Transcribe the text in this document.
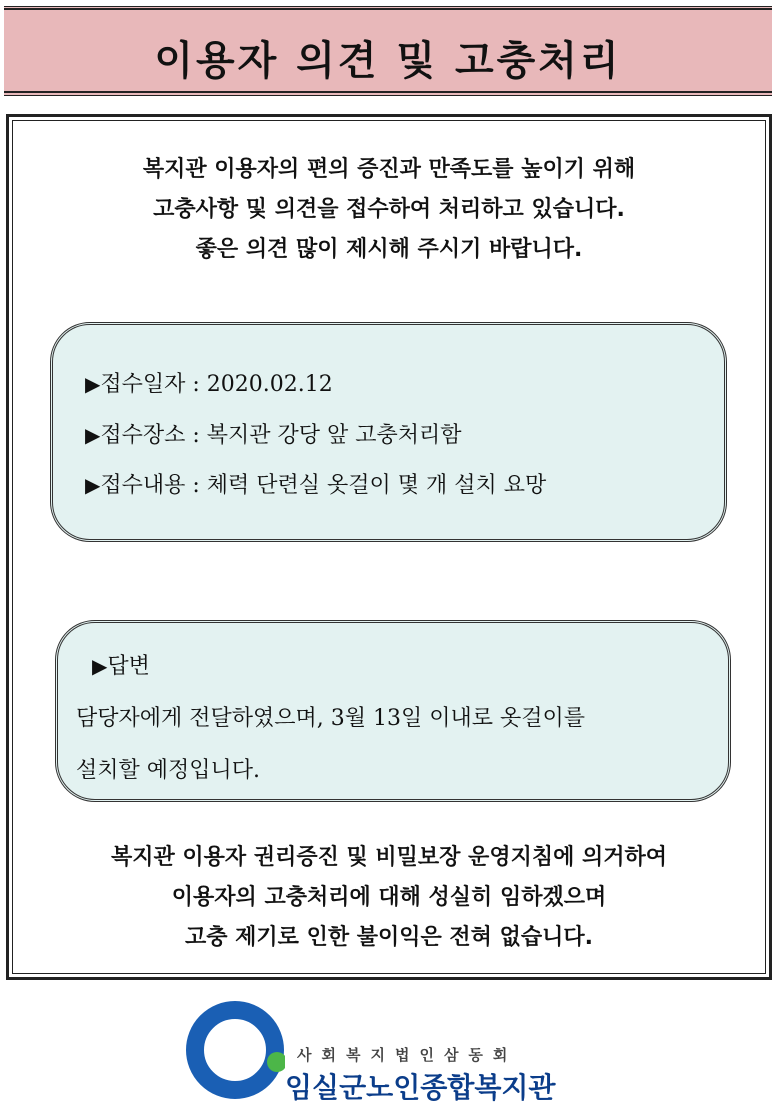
이용자 의견 및 고충처리
복지관 이용자의 편의 증진과 만족도를 높이기 위해
고충사항 및 의견을 접수하여 처리하고 있습니다.
좋은 의견 많이 제시해 주시기 바랍니다.
▶접수일자 : 2020.02.12
▶접수장소 : 복지관 강당 앞 고충처리함
▶접수내용 : 체력 단련실 옷걸이 몇 개 설치 요망
▶답변
담당자에게 전달하였으며, 3월 13일 이내로 옷걸이를
설치할 예정입니다.
복지관 이용자 권리증진 및 비밀보장 운영지침에 의거하여
이용자의 고충처리에 대해 성실히 임하겠으며
고충 제기로 인한 불이익은 전혀 없습니다.
사회복지법인삼동회
임실군노인종합복지관
